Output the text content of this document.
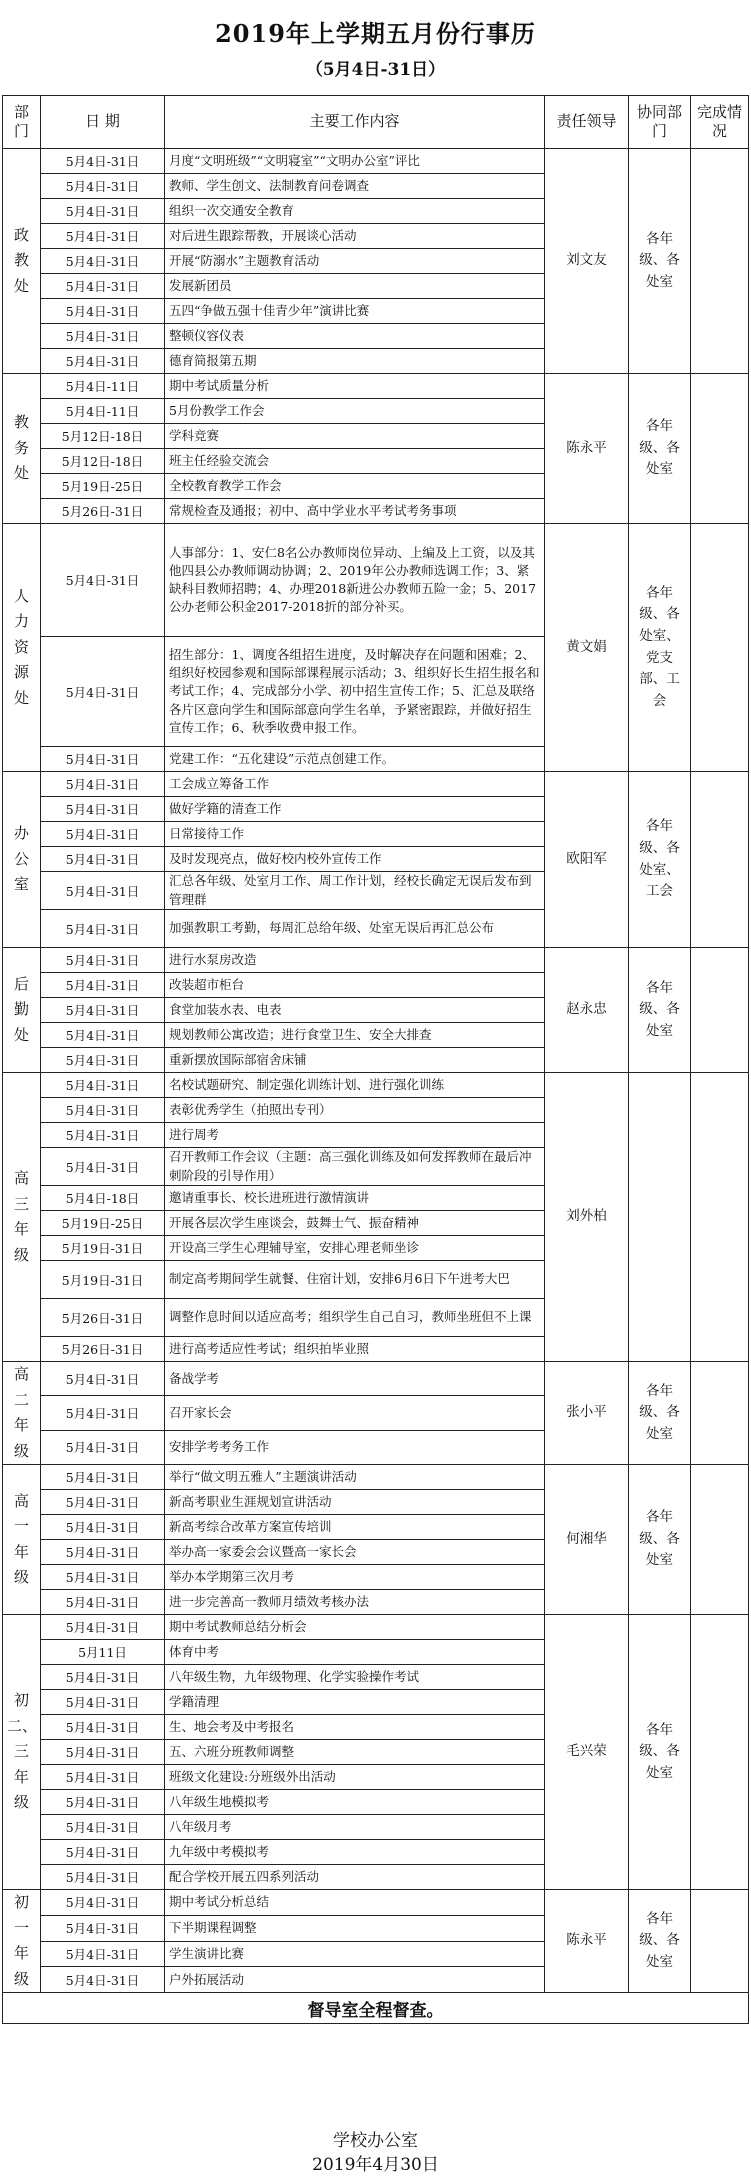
2019年上学期五月份行事历
（5月4日-31日）
部门	日 期	主要工作内容	责任领导	协同部门	完成情况
政教处	5月4日-31日	月度“文明班级”“文明寝室”“文明办公室”评比	刘文友	各年级、各处室	
	5月4日-31日	教师、学生创文、法制教育问卷调查			
	5月4日-31日	组织一次交通安全教育			
	5月4日-31日	对后进生跟踪帮教，开展谈心活动			
	5月4日-31日	开展“防溺水”主题教育活动			
	5月4日-31日	发展新团员			
	5月4日-31日	五四“争做五强十佳青少年”演讲比赛			
	5月4日-31日	整顿仪容仪表			
	5月4日-31日	德育简报第五期			
教务处	5月4日-11日	期中考试质量分析	陈永平	各年级、各处室	
	5月4日-11日	5月份教学工作会			
	5月12日-18日	学科竞赛			
	5月12日-18日	班主任经验交流会			
	5月19日-25日	全校教育教学工作会			
	5月26日-31日	常规检查及通报；初中、高中学业水平考试考务事项			
人力资源处	5月4日-31日	人事部分：1、安仁8名公办教师岗位异动、上编及上工资，以及其他四县公办教师调动协调；2、2019年公办教师选调工作；3、紧缺科目教师招聘；4、办理2018新进公办教师五险一金；5、2017公办老师公积金2017-2018折的部分补买。	黄文娟	各年级、各处室、党支部、工会	
	5月4日-31日	招生部分：1、调度各组招生进度，及时解决存在问题和困难；2、组织好校园参观和国际部课程展示活动；3、组织好长生招生报名和考试工作；4、完成部分小学、初中招生宣传工作；5、汇总及联络各片区意向学生和国际部意向学生名单，予紧密跟踪，并做好招生宣传工作；6、秋季收费申报工作。			
	5月4日-31日	党建工作：“五化建设”示范点创建工作。			
办公室	5月4日-31日	工会成立筹备工作	欧阳军	各年级、各处室、工会	
	5月4日-31日	做好学籍的清查工作			
	5月4日-31日	日常接待工作			
	5月4日-31日	及时发现亮点，做好校内校外宣传工作			
	5月4日-31日	汇总各年级、处室月工作、周工作计划，经校长确定无误后发布到管理群			
	5月4日-31日	加强教职工考勤，每周汇总给年级、处室无误后再汇总公布			
后勤处	5月4日-31日	进行水泵房改造	赵永忠	各年级、各处室	
	5月4日-31日	改装超市柜台			
	5月4日-31日	食堂加装水表、电表			
	5月4日-31日	规划教师公寓改造；进行食堂卫生、安全大排查			
	5月4日-31日	重新摆放国际部宿舍床铺			
高三年级	5月4日-31日	名校试题研究、制定强化训练计划、进行强化训练	刘外柏		
	5月4日-31日	表彰优秀学生（拍照出专刊）			
	5月4日-31日	进行周考			
	5月4日-31日	召开教师工作会议（主题：高三强化训练及如何发挥教师在最后冲刺阶段的引导作用）			
	5月4日-18日	邀请重事长、校长进班进行激情演讲			
	5月19日-25日	开展各层次学生座谈会，鼓舞士气、振奋精神			
	5月19日-31日	开设高三学生心理辅导室，安排心理老师坐诊			
	5月19日-31日	制定高考期间学生就餐、住宿计划，安排6月6日下午进考大巴			
	5月26日-31日	调整作息时间以适应高考；组织学生自己自习，教师坐班但不上课			
	5月26日-31日	进行高考适应性考试；组织拍毕业照			
高二年级	5月4日-31日	备战学考	张小平	各年级、各处室	
	5月4日-31日	召开家长会			
	5月4日-31日	安排学考考务工作			
高一年级	5月4日-31日	举行“做文明五雅人”主题演讲活动	何湘华	各年级、各处室	
	5月4日-31日	新高考职业生涯规划宣讲活动			
	5月4日-31日	新高考综合改革方案宣传培训			
	5月4日-31日	举办高一家委会会议暨高一家长会			
	5月4日-31日	举办本学期第三次月考			
	5月4日-31日	进一步完善高一教师月绩效考核办法			
初二、三年级	5月4日-31日	期中考试教师总结分析会	毛兴荣	各年级、各处室	
	5月11日	体育中考			
	5月4日-31日	八年级生物，九年级物理、化学实验操作考试			
	5月4日-31日	学籍清理			
	5月4日-31日	生、地会考及中考报名			
	5月4日-31日	五、六班分班教师调整			
	5月4日-31日	班级文化建设:分班级外出活动			
	5月4日-31日	八年级生地模拟考			
	5月4日-31日	八年级月考			
	5月4日-31日	九年级中考模拟考			
	5月4日-31日	配合学校开展五四系列活动			
初一年级	5月4日-31日	期中考试分析总结	陈永平	各年级、各处室	
	5月4日-31日	下半期课程调整			
	5月4日-31日	学生演讲比赛			
	5月4日-31日	户外拓展活动			
督导室全程督查。					
学校办公室
2019年4月30日
